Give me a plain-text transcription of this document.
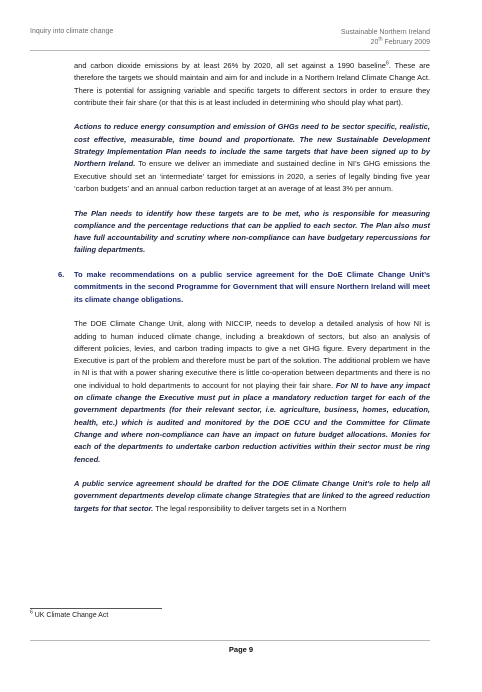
Inquiry into climate change	Sustainable Northern Ireland
20th February 2009

and carbon dioxide emissions by at least 26% by 2020, all set against a 1990 baseline$^6$. These are therefore the targets we should maintain and aim for and include in a Northern Ireland Climate Change Act. There is potential for assigning variable and specific targets to different sectors in order to ensure they contribute their fair share (or that this is at least included in determining who should play what part).

Actions to reduce energy consumption and emission of GHGs need to be sector specific, realistic, cost effective, measurable, time bound and proportionate. The new Sustainable Development Strategy Implementation Plan needs to include the same targets that have been signed up to by Northern Ireland. To ensure we deliver an immediate and sustained decline in NI’s GHG emissions the Executive should set an ‘intermediate’ target for emissions in 2020, a series of legally binding five year ‘carbon budgets’ and an annual carbon reduction target at an average of at least 3% per annum.

The Plan needs to identify how these targets are to be met, who is responsible for measuring compliance and the percentage reductions that can be applied to each sector. The Plan also must have full accountability and scrutiny where non-compliance can have budgetary repercussions for failing departments.

6. To make recommendations on a public service agreement for the DoE Climate Change Unit’s commitments in the second Programme for Government that will ensure Northern Ireland will meet its climate change obligations.

The DOE Climate Change Unit, along with NICCIP, needs to develop a detailed analysis of how NI is adding to human induced climate change, including a breakdown of sectors, but also an analysis of different policies, levies, and carbon trading impacts to give a net GHG figure. Every department in the Executive is part of the problem and therefore must be part of the solution. The additional problem we have in NI is that with a power sharing executive there is little co-operation between departments and there is no one individual to hold departments to account for not playing their fair share. For NI to have any impact on climate change the Executive must put in place a mandatory reduction target for each of the government departments (for their relevant sector, i.e. agriculture, business, homes, education, health, etc.) which is audited and monitored by the DOE CCU and the Committee for Climate Change and where non-compliance can have an impact on future budget allocations. Monies for each of the departments to undertake carbon reduction activities within their sector must be ring fenced.

A public service agreement should be drafted for the DOE Climate Change Unit’s role to help all government departments develop climate change Strategies that are linked to the agreed reduction targets for that sector. The legal responsibility to deliver targets set in a Northern

$^6$ UK Climate Change Act
Page 9
